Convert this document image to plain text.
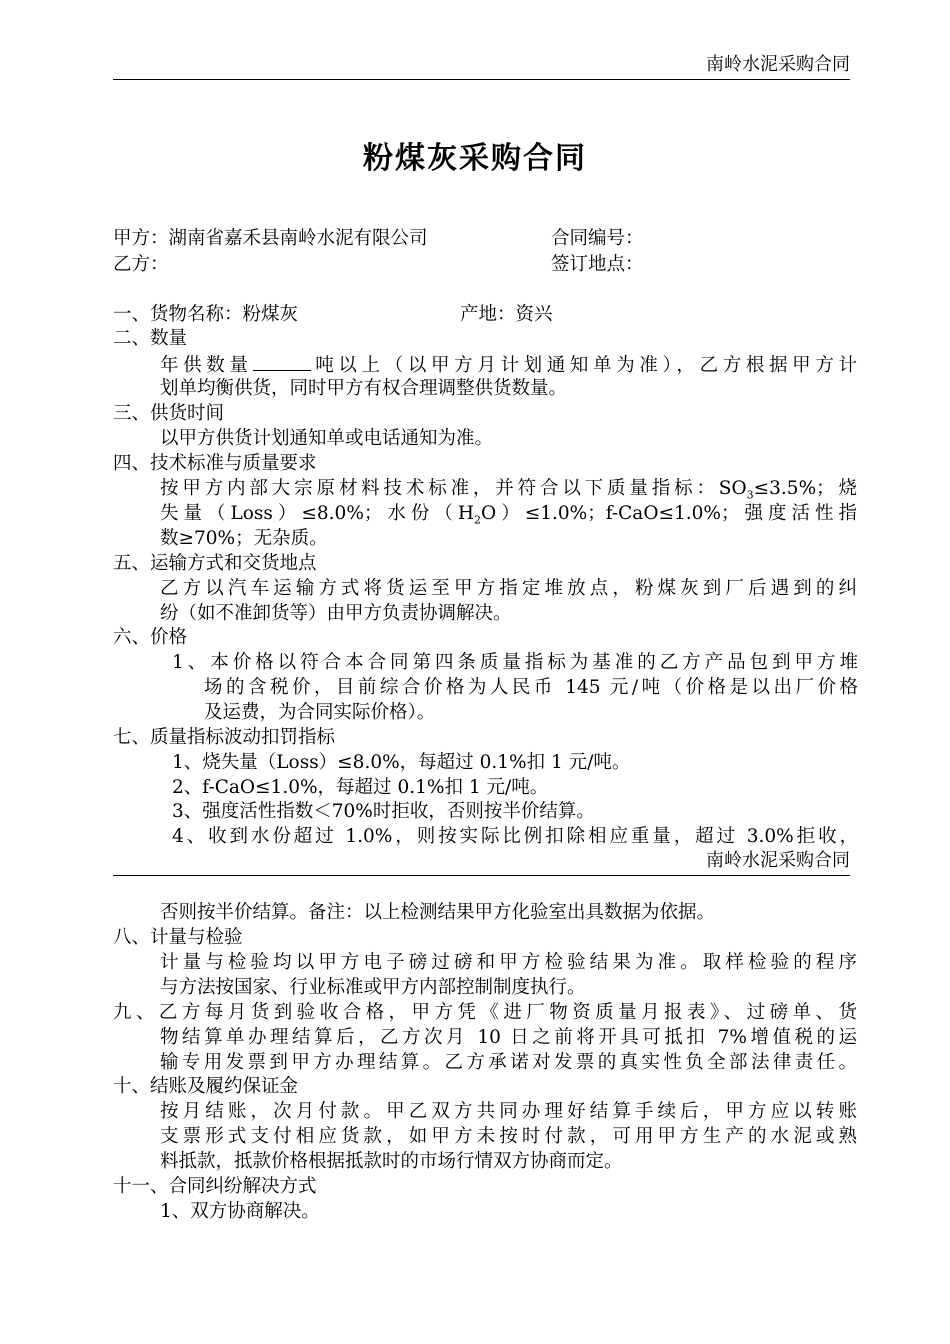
南岭水泥采购合同
粉煤灰采购合同
甲方：湖南省嘉禾县南岭水泥有限公司	合同编号：
乙方：	签订地点：
一、货物名称：粉煤灰	产地：资兴
二、数量
年供数量	吨以上（以甲方月计划通知单为准），乙方根据甲方计
划单均衡供货，同时甲方有权合理调整供货数量。
三、供货时间
以甲方供货计划通知单或电话通知为准。
四、技术标准与质量要求
按甲方内部大宗原材料技术标准，并符合以下质量指标：$SO_3\le 3.5\%$；烧
失量（Loss）≤8.0%；水份$(H_2O)\le 1.0\%$；f-CaO≤1.0%；强度活性指
数≥70%；无杂质。
五、运输方式和交货地点
乙方以汽车运输方式将货运至甲方指定堆放点，粉煤灰到厂后遇到的纠
纷（如不准卸货等）由甲方负责协调解决。
六、价格
1、本价格以符合本合同第四条质量指标为基准的乙方产品包到甲方堆
场的含税价，目前综合价格为人民币 145 元/吨（价格是以出厂价格
及运费，为合同实际价格）。
七、质量指标波动扣罚指标
1、烧失量（Loss）≤8.0%，每超过 0.1%扣 1 元/吨。
2、f-CaO≤1.0%，每超过 0.1%扣 1 元/吨。
3、强度活性指数＜70%时拒收，否则按半价结算。
4、收到水份超过 1.0%，则按实际比例扣除相应重量，超过 3.0%拒收，
南岭水泥采购合同
否则按半价结算。备注：以上检测结果甲方化验室出具数据为依据。
八、计量与检验
计量与检验均以甲方电子磅过磅和甲方检验结果为准。取样检验的程序
与方法按国家、行业标准或甲方内部控制制度执行。
九、乙方每月货到验收合格，甲方凭《进厂物资质量月报表》、过磅单、货
物结算单办理结算后，乙方次月 10 日之前将开具可抵扣 7%增值税的运
输专用发票到甲方办理结算。乙方承诺对发票的真实性负全部法律责任。
十、结账及履约保证金
按月结账，次月付款。甲乙双方共同办理好结算手续后，甲方应以转账
支票形式支付相应货款，如甲方未按时付款，可用甲方生产的水泥或熟
料抵款，抵款价格根据抵款时的市场行情双方协商而定。
十一、合同纠纷解决方式
1、双方协商解决。
